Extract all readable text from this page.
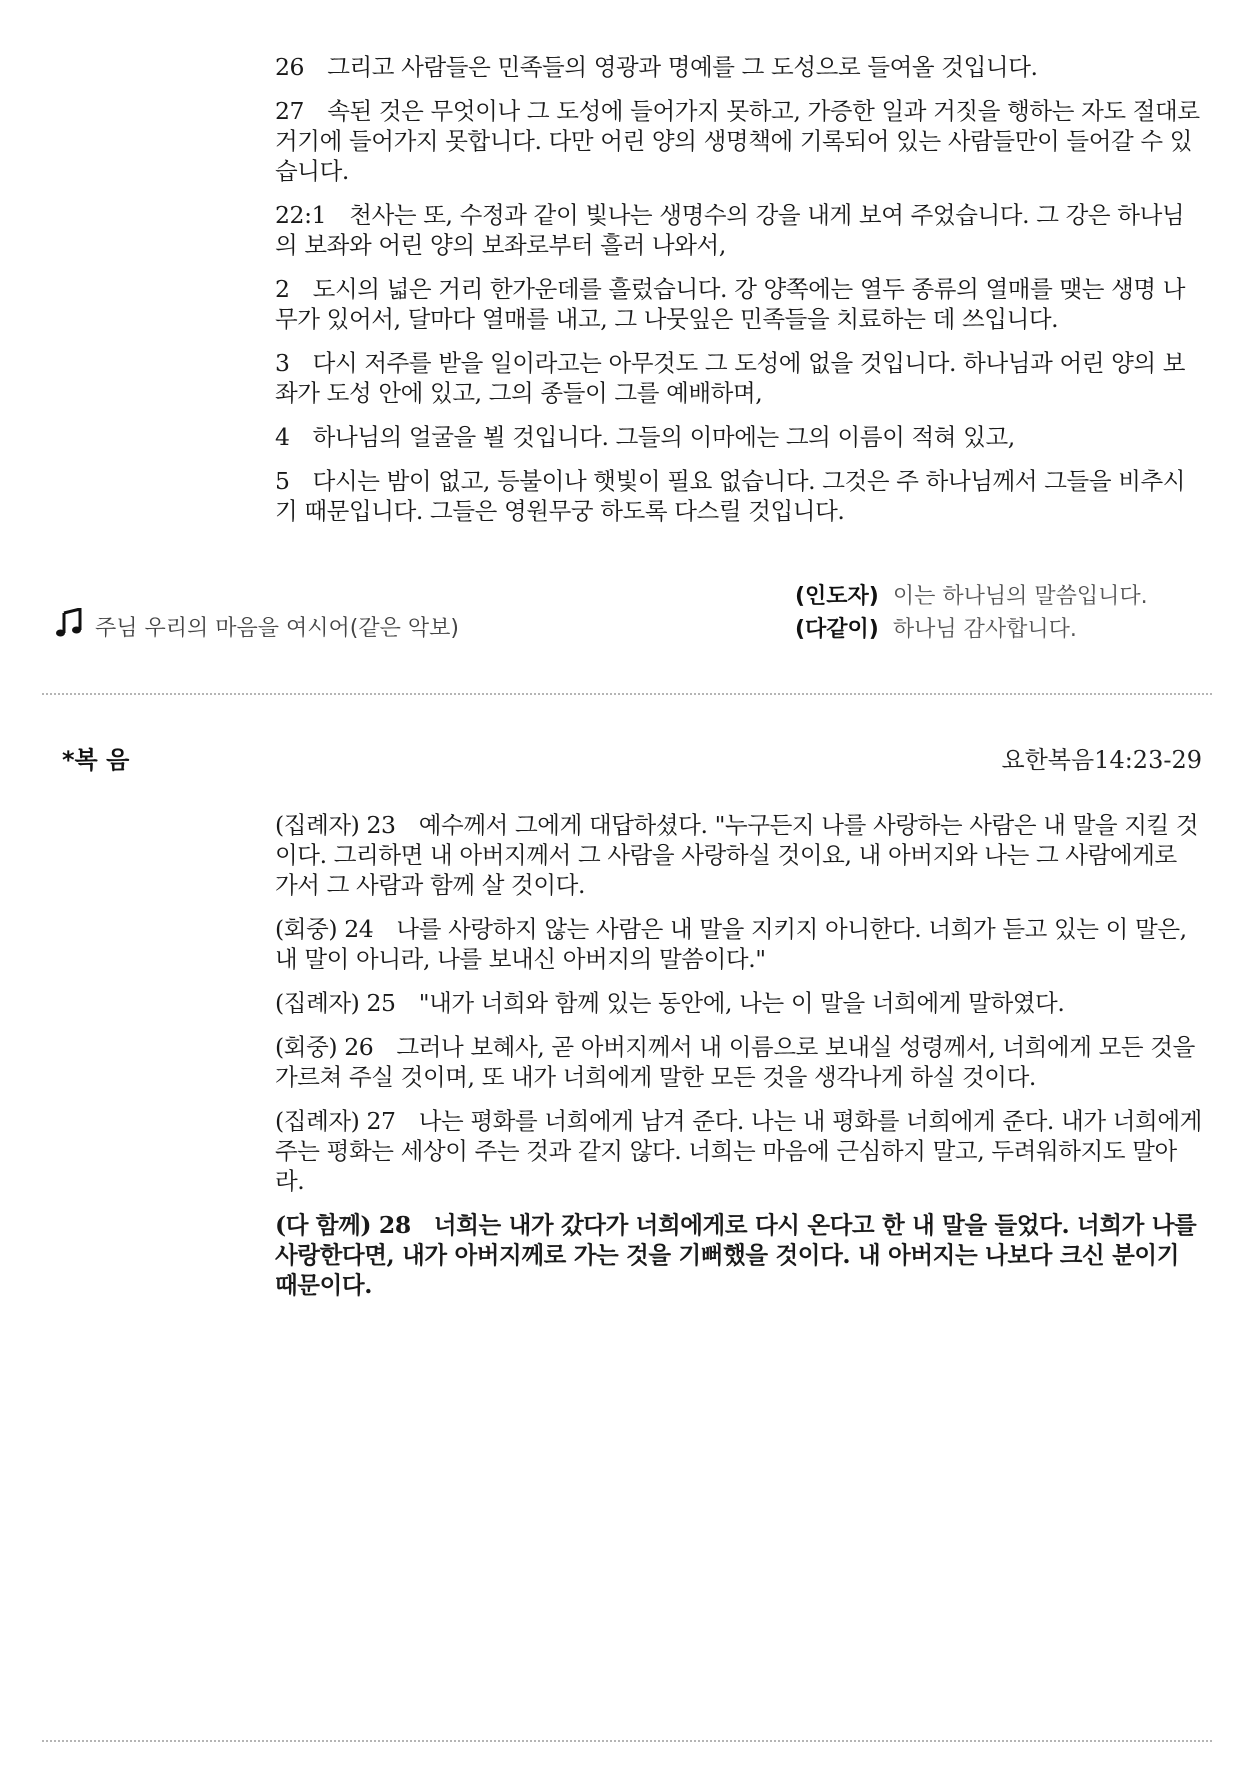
26　그리고 사람들은 민족들의 영광과 명예를 그 도성으로 들여올 것입니다.

27　속된 것은 무엇이나 그 도성에 들어가지 못하고, 가증한 일과 거짓을 행하는 자도 절대로 거기에 들어가지 못합니다. 다만 어린 양의 생명책에 기록되어 있는 사람들만이 들어갈 수 있습니다.

22:1　천사는 또, 수정과 같이 빛나는 생명수의 강을 내게 보여 주었습니다. 그 강은 하나님의 보좌와 어린 양의 보좌로부터 흘러 나와서,

2　도시의 넓은 거리 한가운데를 흘렀습니다. 강 양쪽에는 열두 종류의 열매를 맺는 생명 나무가 있어서, 달마다 열매를 내고, 그 나뭇잎은 민족들을 치료하는 데 쓰입니다.

3　다시 저주를 받을 일이라고는 아무것도 그 도성에 없을 것입니다. 하나님과 어린 양의 보좌가 도성 안에 있고, 그의 종들이 그를 예배하며,

4　하나님의 얼굴을 뵐 것입니다. 그들의 이마에는 그의 이름이 적혀 있고,

5　다시는 밤이 없고, 등불이나 햇빛이 필요 없습니다. 그것은 주 하나님께서 그들을 비추시기 때문입니다. 그들은 영원무궁 하도록 다스릴 것입니다.

주님 우리의 마음을 여시어(같은 악보)
(인도자) 이는 하나님의 말씀입니다.
(다같이) 하나님 감사합니다.
*복 음	요한복음14:23-29

(집례자) 23　예수께서 그에게 대답하셨다. "누구든지 나를 사랑하는 사람은 내 말을 지킬 것이다. 그리하면 내 아버지께서 그 사람을 사랑하실 것이요, 내 아버지와 나는 그 사람에게로 가서 그 사람과 함께 살 것이다.

(회중) 24　나를 사랑하지 않는 사람은 내 말을 지키지 아니한다. 너희가 듣고 있는 이 말은, 내 말이 아니라, 나를 보내신 아버지의 말씀이다."

(집례자) 25　"내가 너희와 함께 있는 동안에, 나는 이 말을 너희에게 말하였다.

(회중) 26　그러나 보혜사, 곧 아버지께서 내 이름으로 보내실 성령께서, 너희에게 모든 것을 가르쳐 주실 것이며, 또 내가 너희에게 말한 모든 것을 생각나게 하실 것이다.

(집례자) 27　나는 평화를 너희에게 남겨 준다. 나는 내 평화를 너희에게 준다. 내가 너희에게 주는 평화는 세상이 주는 것과 같지 않다. 너희는 마음에 근심하지 말고, 두려워하지도 말아라.

(다 함께) 28　너희는 내가 갔다가 너희에게로 다시 온다고 한 내 말을 들었다. 너희가 나를 사랑한다면, 내가 아버지께로 가는 것을 기뻐했을 것이다. 내 아버지는 나보다 크신 분이기 때문이다.
